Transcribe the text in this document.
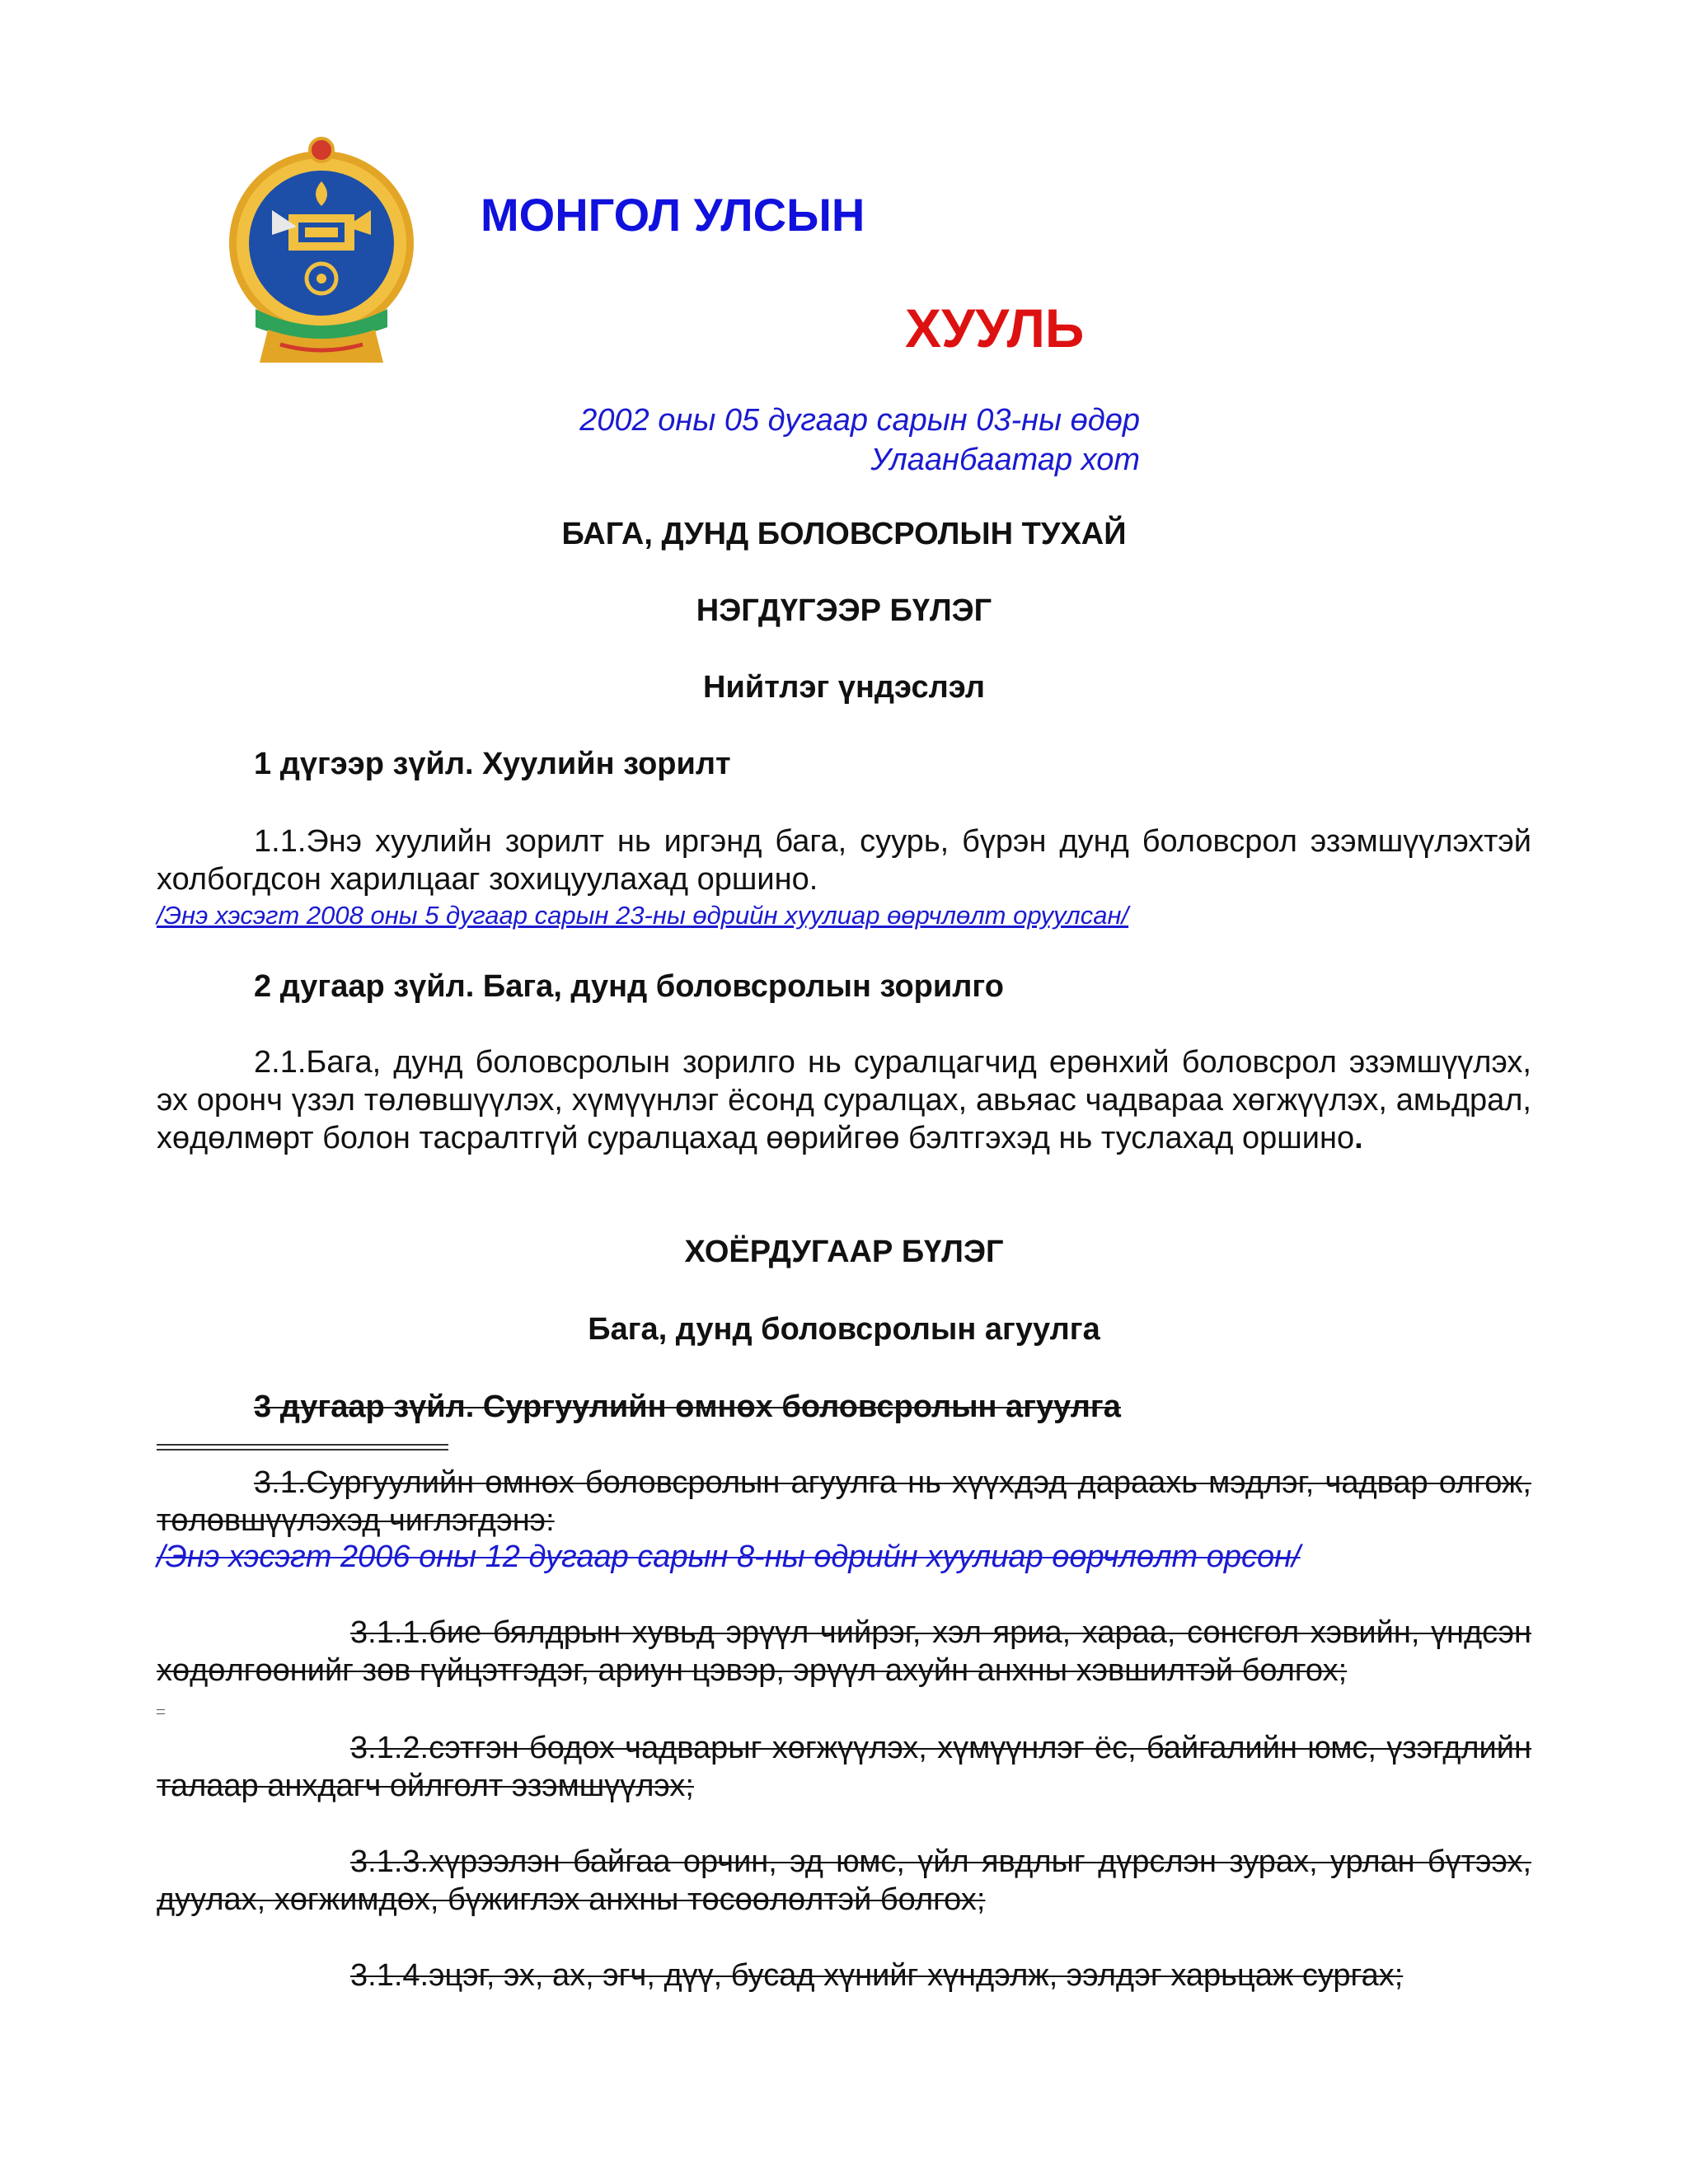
МОНГОЛ УЛСЫН
ХУУЛЬ
2002 оны 05 дугаар сарын 03-ны өдөр
Улаанбаатар хот
БАГА, ДУНД БОЛОВСРОЛЫН ТУХАЙ
НЭГДҮГЭЭР БҮЛЭГ
Нийтлэг үндэслэл
1 дүгээр зүйл. Хуулийн зорилт
1.1.Энэ хуулийн зорилт нь иргэнд бага, суурь, бүрэн дунд боловсрол эзэмшүүлэхтэй холбогдсон харилцааг зохицуулахад оршино.
/Энэ хэсэгт 2008 оны 5 дугаар сарын 23-ны өдрийн хуулиар өөрчлөлт оруулсан/
2 дугаар зүйл. Бага, дунд боловсролын зорилго
2.1.Бага, дунд боловсролын зорилго нь суралцагчид ерөнхий боловсрол эзэмшүүлэх, эх оронч үзэл төлөвшүүлэх, хүмүүнлэг ёсонд суралцах, авьяас чадвараа хөгжүүлэх, амьдрал, хөдөлмөрт болон тасралтгүй суралцахад өөрийгөө бэлтгэхэд нь туслахад оршино.
ХОЁРДУГААР БҮЛЭГ
Бага, дунд боловсролын агуулга
3 дугаар зүйл. Сургуулийн өмнөх боловсролын агуулга
3.1.Сургуулийн өмнөх боловсролын агуулга нь хүүхдэд дараахь мэдлэг, чадвар олгож, төлөвшүүлэхэд чиглэгдэнэ:
/Энэ хэсэгт 2006 оны 12 дугаар сарын 8-ны өдрийн хуулиар өөрчлөлт орсон/
3.1.1.бие бялдрын хувьд эрүүл чийрэг, хэл яриа, хараа, сонсгол хэвийн, үндсэн хөдөлгөөнийг зөв гүйцэтгэдэг, ариун цэвэр, эрүүл ахуйн анхны хэвшилтэй болгох;
3.1.2.сэтгэн бодох чадварыг хөгжүүлэх, хүмүүнлэг ёс, байгалийн юмс, үзэгдлийн талаар анхдагч ойлголт эзэмшүүлэх;
3.1.3.хүрээлэн байгаа орчин, эд юмс, үйл явдлыг дүрслэн зурах, урлан бүтээх, дуулах, хөгжимдөх, бүжиглэх анхны төсөөлөлтэй болгох;
3.1.4.эцэг, эх, ах, эгч, дүү, бусад хүнийг хүндэлж, ээлдэг харьцаж сургах;
